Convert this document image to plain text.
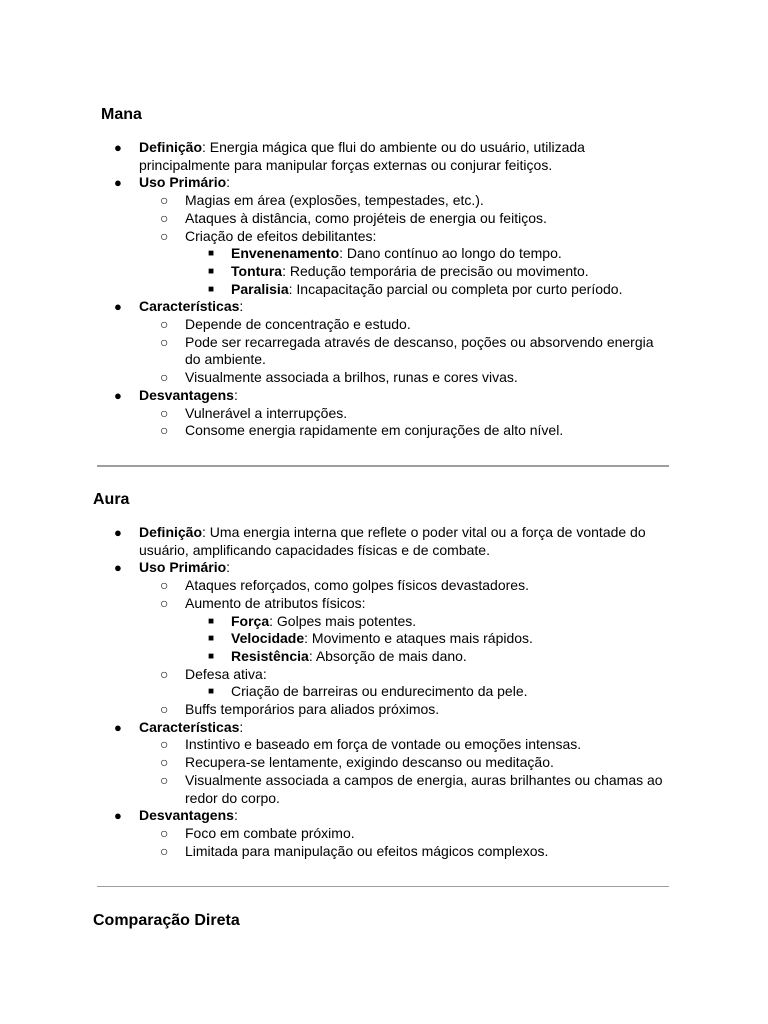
Mana
●	Definição: Energia mágica que flui do ambiente ou do usuário, utilizada principalmente para manipular forças externas ou conjurar feitiços.
●	Uso Primário:
○	Magias em área (explosões, tempestades, etc.).
○	Ataques à distância, como projéteis de energia ou feitiços.
○	Criação de efeitos debilitantes:
■	Envenenamento: Dano contínuo ao longo do tempo.
■	Tontura: Redução temporária de precisão ou movimento.
■	Paralisia: Incapacitação parcial ou completa por curto período.
●	Características:
○	Depende de concentração e estudo.
○	Pode ser recarregada através de descanso, poções ou absorvendo energia do ambiente.
○	Visualmente associada a brilhos, runas e cores vivas.
●	Desvantagens:
○	Vulnerável a interrupções.
○	Consome energia rapidamente em conjurações de alto nível.
Aura
●	Definição: Uma energia interna que reflete o poder vital ou a força de vontade do usuário, amplificando capacidades físicas e de combate.
●	Uso Primário:
○	Ataques reforçados, como golpes físicos devastadores.
○	Aumento de atributos físicos:
■	Força: Golpes mais potentes.
■	Velocidade: Movimento e ataques mais rápidos.
■	Resistência: Absorção de mais dano.
○	Defesa ativa:
■	Criação de barreiras ou endurecimento da pele.
○	Buffs temporários para aliados próximos.
●	Características:
○	Instintivo e baseado em força de vontade ou emoções intensas.
○	Recupera-se lentamente, exigindo descanso ou meditação.
○	Visualmente associada a campos de energia, auras brilhantes ou chamas ao redor do corpo.
●	Desvantagens:
○	Foco em combate próximo.
○	Limitada para manipulação ou efeitos mágicos complexos.
Comparação Direta
